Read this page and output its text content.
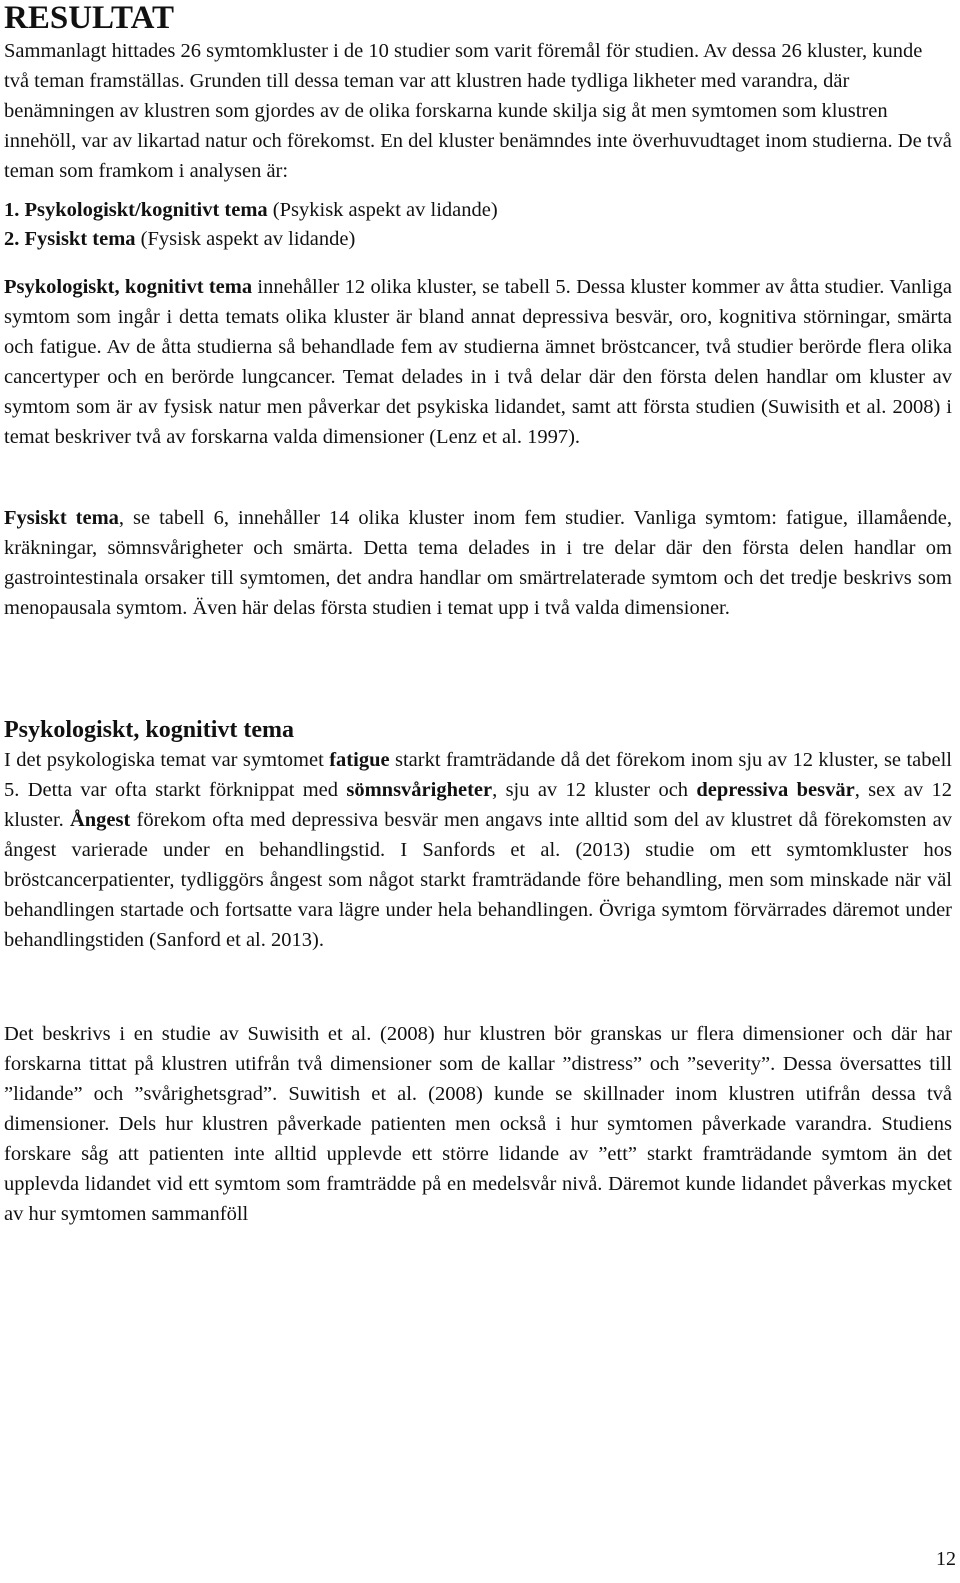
RESULTAT

Sammanlagt hittades 26 symtomkluster i de 10 studier som varit föremål för studien. Av dessa 26 kluster, kunde två teman framställas. Grunden till dessa teman var att klustren hade tydliga likheter med varandra, där benämningen av klustren som gjordes av de olika forskarna kunde skilja sig åt men symtomen som klustren innehöll, var av likartad natur och förekomst. En del kluster benämndes inte överhuvudtaget inom studierna. De två teman som framkom i analysen är:

1. Psykologiskt/kognitivt tema (Psykisk aspekt av lidande)
2. Fysiskt tema (Fysisk aspekt av lidande)

Psykologiskt, kognitivt tema innehåller 12 olika kluster, se tabell 5. Dessa kluster kommer av åtta studier. Vanliga symtom som ingår i detta temats olika kluster är bland annat depressiva besvär, oro, kognitiva störningar, smärta och fatigue. Av de åtta studierna så behandlade fem av studierna ämnet bröstcancer, två studier berörde flera olika cancertyper och en berörde lungcancer. Temat delades in i två delar där den första delen handlar om kluster av symtom som är av fysisk natur men påverkar det psykiska lidandet, samt att första studien (Suwisith et al. 2008) i temat beskriver två av forskarna valda dimensioner (Lenz et al. 1997).

Fysiskt tema, se tabell 6, innehåller 14 olika kluster inom fem studier. Vanliga symtom: fatigue, illamående, kräkningar, sömnsvårigheter och smärta. Detta tema delades in i tre delar där den första delen handlar om gastrointestinala orsaker till symtomen, det andra handlar om smärtrelaterade symtom och det tredje beskrivs som menopausala symtom. Även här delas första studien i temat upp i två valda dimensioner.

Psykologiskt, kognitivt tema

I det psykologiska temat var symtomet fatigue starkt framträdande då det förekom inom sju av 12 kluster, se tabell 5. Detta var ofta starkt förknippat med sömnsvårigheter, sju av 12 kluster och depressiva besvär, sex av 12 kluster. Ångest förekom ofta med depressiva besvär men angavs inte alltid som del av klustret då förekomsten av ångest varierade under en behandlingstid. I Sanfords et al. (2013) studie om ett symtomkluster hos bröstcancerpatienter, tydliggörs ångest som något starkt framträdande före behandling, men som minskade när väl behandlingen startade och fortsatte vara lägre under hela behandlingen. Övriga symtom förvärrades däremot under behandlingstiden (Sanford et al. 2013).

Det beskrivs i en studie av Suwisith et al. (2008) hur klustren bör granskas ur flera dimensioner och där har forskarna tittat på klustren utifrån två dimensioner som de kallar ”distress” och ”severity”. Dessa översattes till ”lidande” och ”svårighetsgrad”. Suwitish et al. (2008) kunde se skillnader inom klustren utifrån dessa två dimensioner. Dels hur klustren påverkade patienten men också i hur symtomen påverkade varandra. Studiens forskare såg att patienten inte alltid upplevde ett större lidande av ”ett” starkt framträdande symtom än det upplevda lidandet vid ett symtom som framträdde på en medelsvår nivå. Däremot kunde lidandet påverkas mycket av hur symtomen sammanföll

12
